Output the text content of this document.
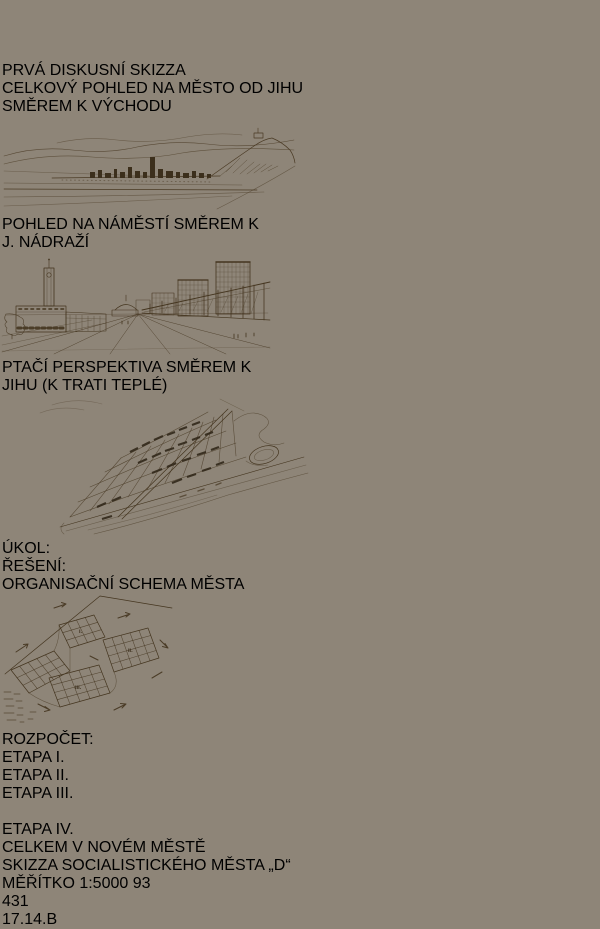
PRVÁ DISKUSNÍ SKIZZA
CELKOVÝ POHLED NA MĚSTO OD JIHU
SMĚREM K VÝCHODU
POHLED NA NÁMĚSTÍ SMĚREM K
J. NÁDRAŽÍ
PTAČÍ PERSPEKTIVA SMĚREM K
JIHU (K TRATI TEPLÉ)
ÚKOL:
ŘEŠENÍ:
ORGANISAČNÍ SCHEMA MĚSTA
I.
II.
III.
ROZPOČET:
ETAPA I.
ETAPA II.
ETAPA III.
ETAPA IV.
CELKEM V NOVÉM MĚSTĚ
SKIZZA SOCIALISTICKÉHO MĚSTA „D“
MĚŘÍTKO 1:5000 93
431
17.14.B
